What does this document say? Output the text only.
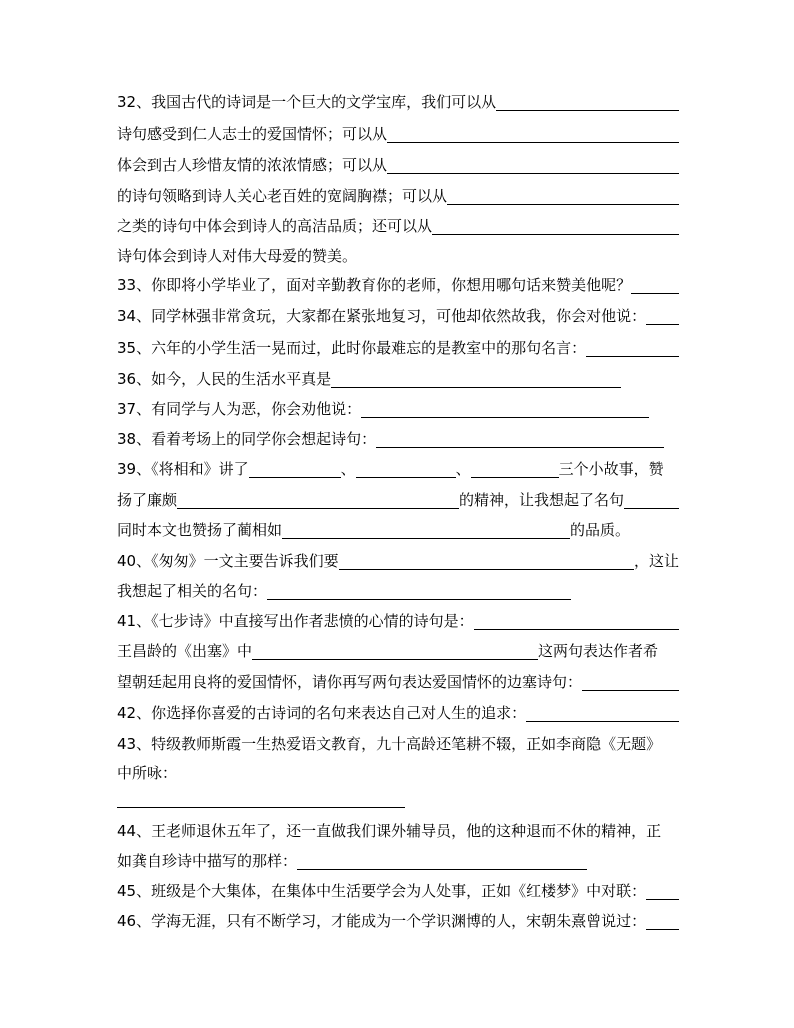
32、我国古代的诗词是一个巨大的文学宝库，我们可以从
诗句感受到仁人志士的爱国情怀；可以从
体会到古人珍惜友情的浓浓情感；可以从
的诗句领略到诗人关心老百姓的宽阔胸襟；可以从
之类的诗句中体会到诗人的高洁品质；还可以从
诗句体会到诗人对伟大母爱的赞美。
33、你即将小学毕业了，面对辛勤教育你的老师，你想用哪句话来赞美他呢？
34、同学林强非常贪玩，大家都在紧张地复习，可他却依然故我，你会对他说：
35、六年的小学生活一晃而过，此时你最难忘的是教室中的那句名言：
36、如今，人民的生活水平真是
37、有同学与人为恶，你会劝他说：
38、看着考场上的同学你会想起诗句：
39、《将相和》讲了	、	、	三个小故事，赞
扬了廉颇	的精神，让我想起了名句
同时本文也赞扬了蔺相如	的品质。
40、《匆匆》一文主要告诉我们要	，这让
我想起了相关的名句：
41、《七步诗》中直接写出作者悲愤的心情的诗句是：
王昌龄的《出塞》中	这两句表达作者希
望朝廷起用良将的爱国情怀，请你再写两句表达爱国情怀的边塞诗句：
42、你选择你喜爱的古诗词的名句来表达自己对人生的追求：
43、特级教师斯霞一生热爱语文教育，九十高龄还笔耕不辍，正如李商隐《无题》
中所咏：
44、王老师退休五年了，还一直做我们课外辅导员，他的这种退而不休的精神，正
如龚自珍诗中描写的那样：
45、班级是个大集体，在集体中生活要学会为人处事，正如《红楼梦》中对联：
46、学海无涯，只有不断学习，才能成为一个学识渊博的人，宋朝朱熹曾说过：
